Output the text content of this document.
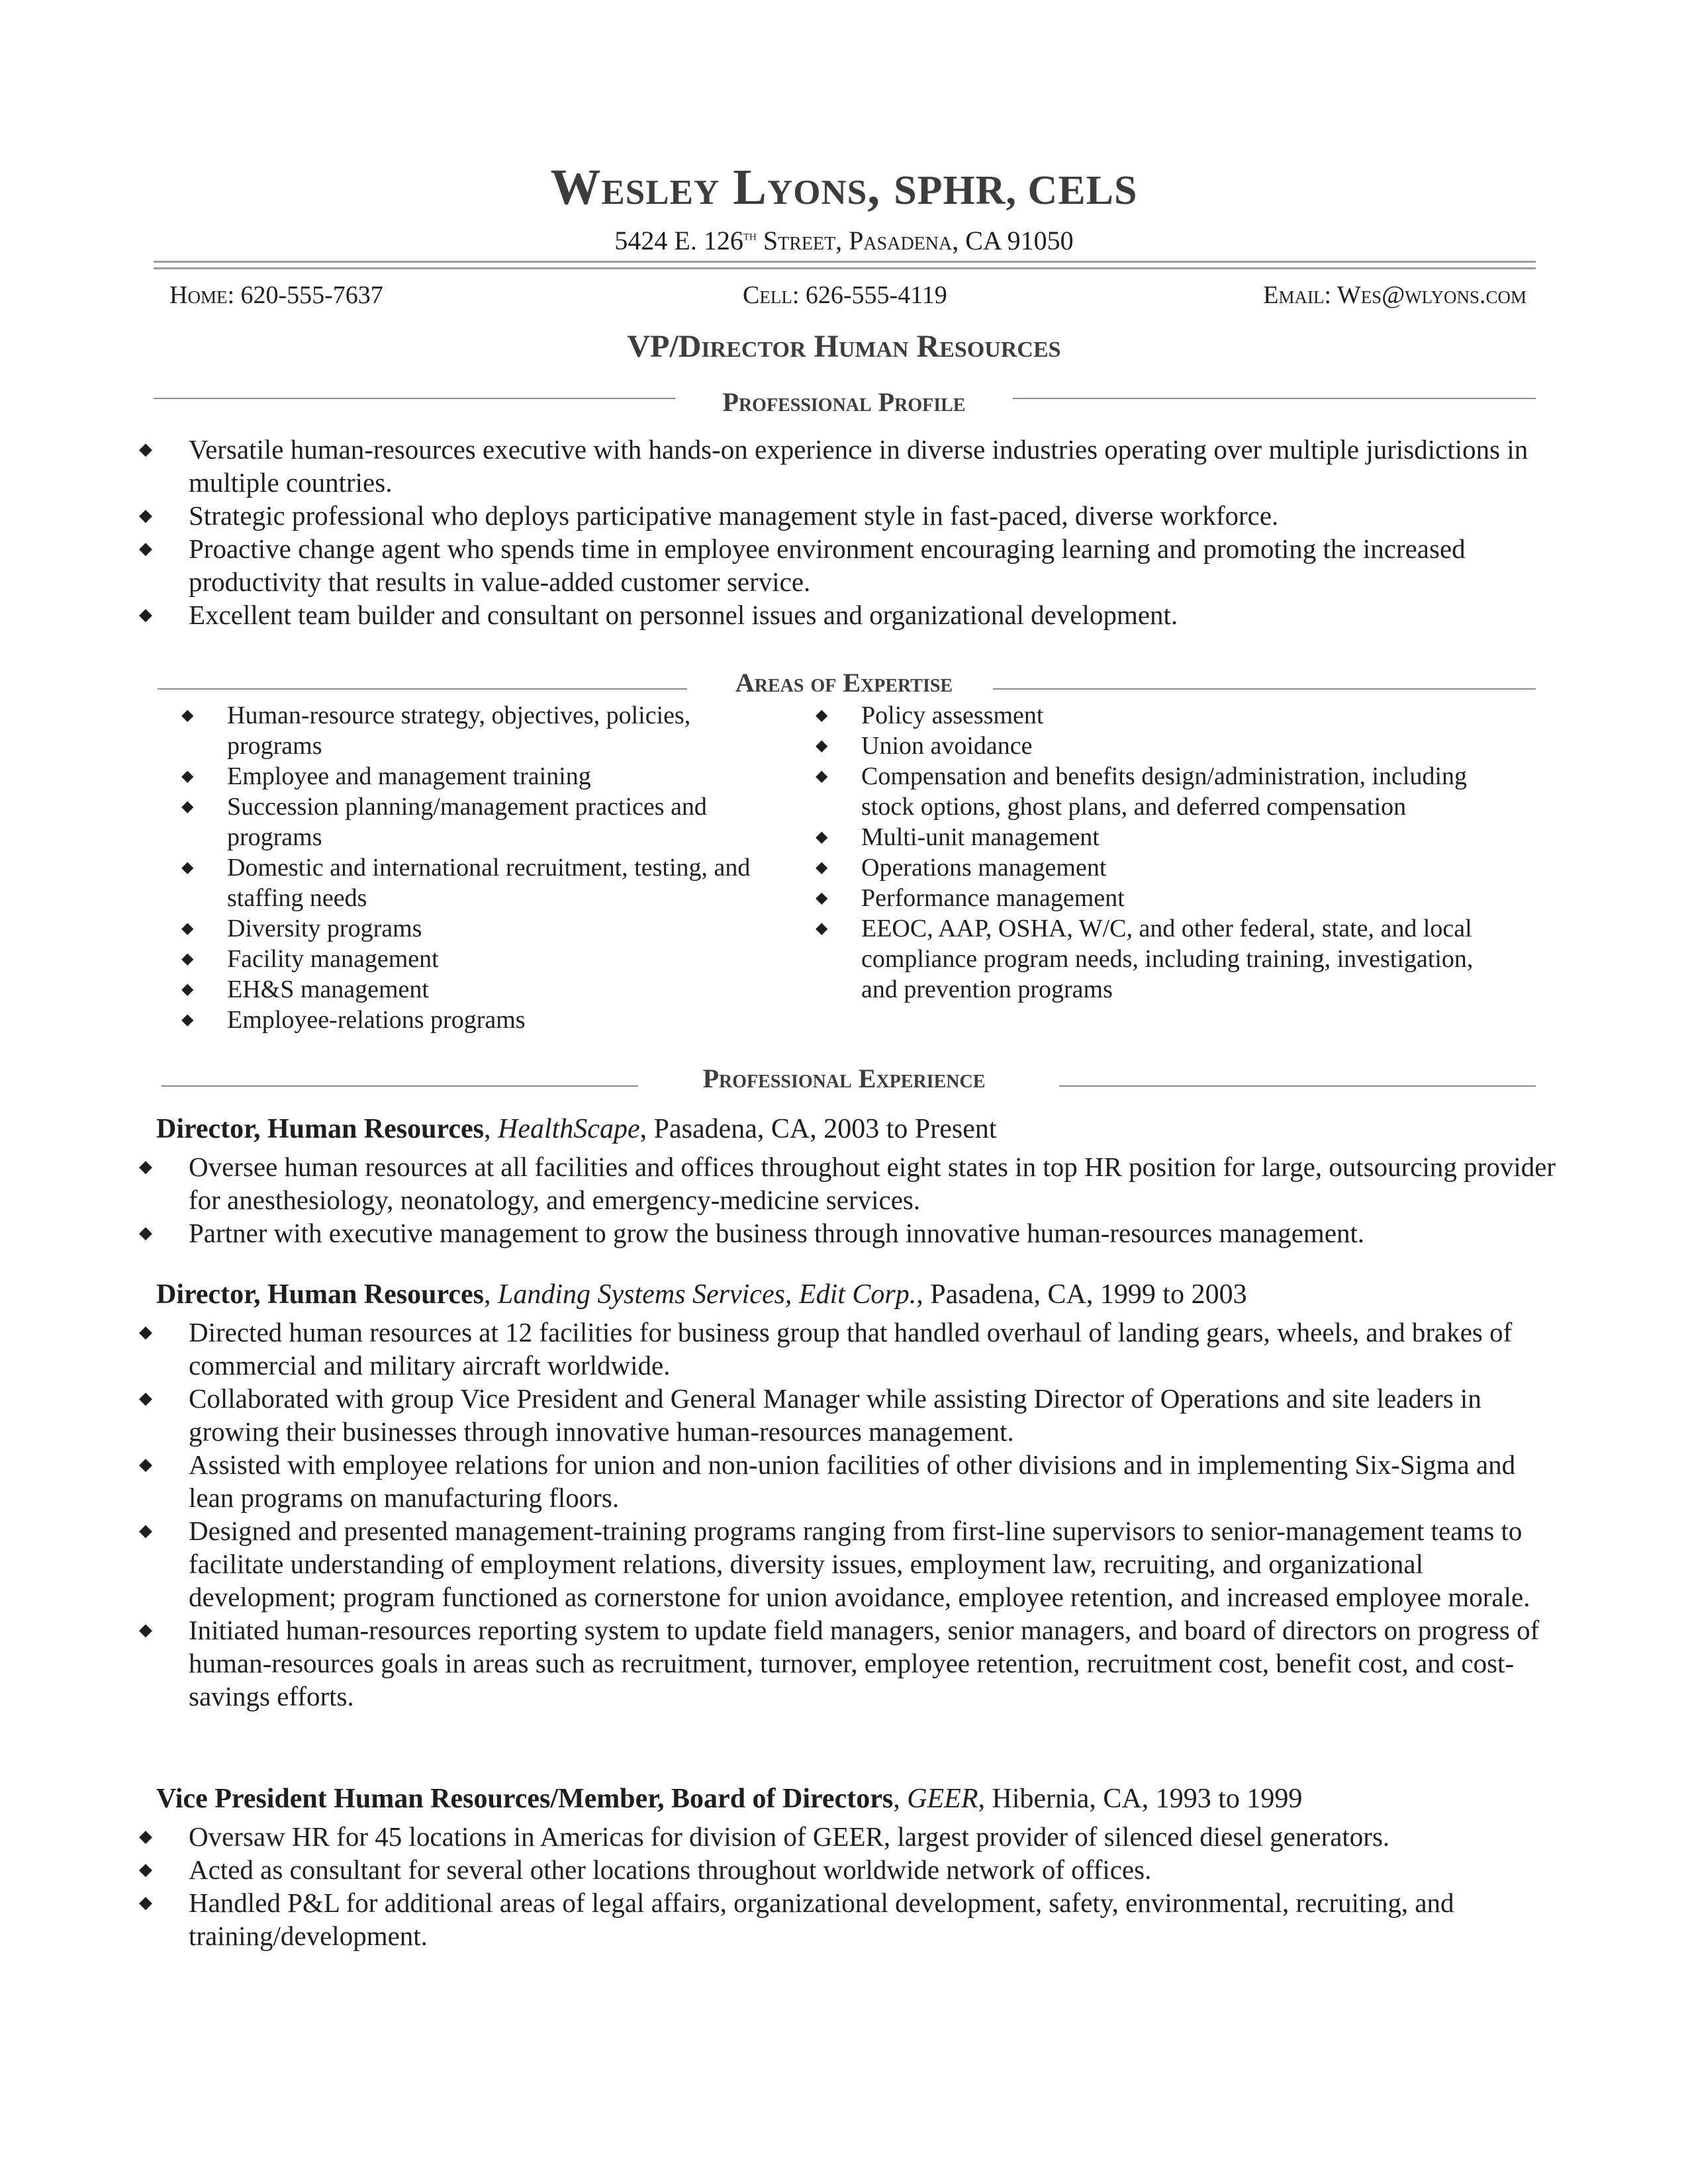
Wesley Lyons, SPHR, CELS
5424 E. 126th Street, Pasadena, CA 91050
Home: 620-555-7637	Cell: 626-555-4119	Email: Wes@wlyons.com
VP/Director Human Resources
Professional Profile
◆ Versatile human-resources executive with hands-on experience in diverse industries operating over multiple jurisdictions in multiple countries.
◆ Strategic professional who deploys participative management style in fast-paced, diverse workforce.
◆ Proactive change agent who spends time in employee environment encouraging learning and promoting the increased productivity that results in value-added customer service.
◆ Excellent team builder and consultant on personnel issues and organizational development.
Areas of Expertise
◆ Human-resource strategy, objectives, policies, programs
◆ Employee and management training
◆ Succession planning/management practices and programs
◆ Domestic and international recruitment, testing, and staffing needs
◆ Diversity programs
◆ Facility management
◆ EH&S management
◆ Employee-relations programs
◆ Policy assessment
◆ Union avoidance
◆ Compensation and benefits design/administration, including stock options, ghost plans, and deferred compensation
◆ Multi-unit management
◆ Operations management
◆ Performance management
◆ EEOC, AAP, OSHA, W/C, and other federal, state, and local compliance program needs, including training, investigation, and prevention programs
Professional Experience
Director, Human Resources, HealthScape, Pasadena, CA, 2003 to Present
◆ Oversee human resources at all facilities and offices throughout eight states in top HR position for large, outsourcing provider for anesthesiology, neonatology, and emergency-medicine services.
◆ Partner with executive management to grow the business through innovative human-resources management.
Director, Human Resources, Landing Systems Services, Edit Corp., Pasadena, CA, 1999 to 2003
◆ Directed human resources at 12 facilities for business group that handled overhaul of landing gears, wheels, and brakes of commercial and military aircraft worldwide.
◆ Collaborated with group Vice President and General Manager while assisting Director of Operations and site leaders in growing their businesses through innovative human-resources management.
◆ Assisted with employee relations for union and non-union facilities of other divisions and in implementing Six-Sigma and lean programs on manufacturing floors.
◆ Designed and presented management-training programs ranging from first-line supervisors to senior-management teams to facilitate understanding of employment relations, diversity issues, employment law, recruiting, and organizational development; program functioned as cornerstone for union avoidance, employee retention, and increased employee morale.
◆ Initiated human-resources reporting system to update field managers, senior managers, and board of directors on progress of human-resources goals in areas such as recruitment, turnover, employee retention, recruitment cost, benefit cost, and cost-savings efforts.
Vice President Human Resources/Member, Board of Directors, GEER, Hibernia, CA, 1993 to 1999
◆ Oversaw HR for 45 locations in Americas for division of GEER, largest provider of silenced diesel generators.
◆ Acted as consultant for several other locations throughout worldwide network of offices.
◆ Handled P&L for additional areas of legal affairs, organizational development, safety, environmental, recruiting, and training/development.
